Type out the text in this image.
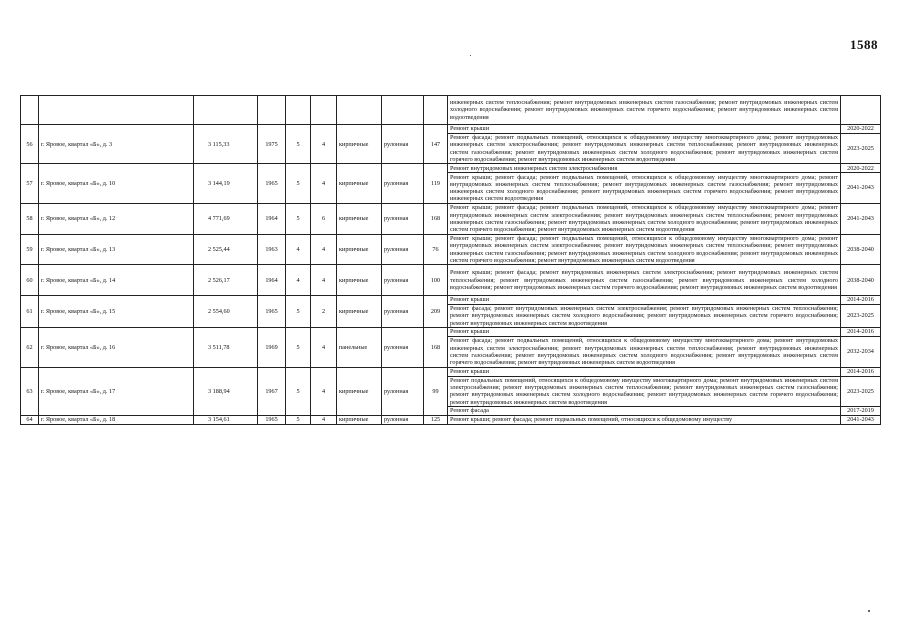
1588
									инженерных систем теплоснабжения; ремонт внутридомовых инженерных систем газоснабжения; ремонт внутридомовых инженерных систем холодного водоснабжения; ремонт внутридомовых инженерных систем горячего водоснабжения; ремонт внутридомовых инженерных систем водоотведения	
56	г. Яровое, квартал «Б», д. 3	3 115,33	1975	5	4	кирпичные	рулонная	147	Ремонт крыши	2020-2022
									Ремонт фасада; ремонт подвальных помещений, относящихся к общедомовому имуществу многоквартирного дома; ремонт внутридомовых инженерных систем электроснабжения; ремонт внутридомовых инженерных систем теплоснабжения; ремонт внутридомовых инженерных систем газоснабжения; ремонт внутридомовых инженерных систем холодного водоснабжения; ремонт внутридомовых инженерных систем горячего водоснабжения; ремонт внутридомовых инженерных систем водоотведения	2023-2025
57	г. Яровое, квартал «Б», д. 10	3 144,19	1965	5	4	кирпичные	рулонная	119	Ремонт внутридомовых инженерных систем электроснабжения	2020-2022
									Ремонт крыши; ремонт фасада; ремонт подвальных помещений, относящихся к общедомовому имуществу многоквартирного дома; ремонт внутридомовых инженерных систем теплоснабжения; ремонт внутридомовых инженерных систем газоснабжения; ремонт внутридомовых инженерных систем холодного водоснабжения; ремонт внутридомовых инженерных систем горячего водоснабжения; ремонт внутридомовых инженерных систем водоотведения	2041-2043
58	г. Яровое, квартал «Б», д. 12	4 771,69	1964	5	6	кирпичные	рулонная	168	Ремонт крыши; ремонт фасада; ремонт подвальных помещений, относящихся к общедомовому имуществу многоквартирного дома; ремонт внутридомовых инженерных систем электроснабжения; ремонт внутридомовых инженерных систем теплоснабжения; ремонт внутридомовых инженерных систем газоснабжения; ремонт внутридомовых инженерных систем холодного водоснабжения; ремонт внутридомовых инженерных систем горячего водоснабжения; ремонт внутридомовых инженерных систем водоотведения	2041-2043
59	г. Яровое, квартал «Б», д. 13	2 525,44	1963	4	4	кирпичные	рулонная	76	Ремонт крыши; ремонт фасада; ремонт подвальных помещений, относящихся к общедомовому имуществу многоквартирного дома; ремонт внутридомовых инженерных систем электроснабжения; ремонт внутридомовых инженерных систем теплоснабжения; ремонт внутридомовых инженерных систем газоснабжения; ремонт внутридомовых инженерных систем холодного водоснабжения; ремонт внутридомовых инженерных систем горячего водоснабжения; ремонт внутридомовых инженерных систем водоотведения	2038-2040
60	г. Яровое, квартал «Б», д. 14	2 526,17	1964	4	4	кирпичные	рулонная	100	Ремонт крыши; ремонт фасада; ремонт внутридомовых инженерных систем электроснабжения; ремонт внутридомовых инженерных систем теплоснабжения; ремонт внутридомовых инженерных систем газоснабжения; ремонт внутридомовых инженерных систем холодного водоснабжения; ремонт внутридомовых инженерных систем горячего водоснабжения; ремонт внутридомовых инженерных систем водоотведения	2038-2040
61	г. Яровое, квартал «Б», д. 15	2 554,60	1965	5	2	кирпичные	рулонная	209	Ремонт крыши	2014-2016
									Ремонт фасада; ремонт внутридомовых инженерных систем электроснабжения; ремонт внутридомовых инженерных систем теплоснабжения; ремонт внутридомовых инженерных систем холодного водоснабжения; ремонт внутридомовых инженерных систем горячего водоснабжения; ремонт внутридомовых инженерных систем водоотведения	2023-2025
62	г. Яровое, квартал «Б», д. 16	3 511,78	1969	5	4	панельные	рулонная	168	Ремонт крыши	2014-2016
									Ремонт фасада; ремонт подвальных помещений, относящихся к общедомовому имуществу многоквартирного дома; ремонт внутридомовых инженерных систем электроснабжения; ремонт внутридомовых инженерных систем теплоснабжения; ремонт внутридомовых инженерных систем газоснабжения; ремонт внутридомовых инженерных систем холодного водоснабжения; ремонт внутридомовых инженерных систем горячего водоснабжения; ремонт внутридомовых инженерных систем водоотведения	2032-2034
63	г. Яровое, квартал «Б», д. 17	3 188,94	1967	5	4	кирпичные	рулонная	99	Ремонт крыши	2014-2016
									Ремонт подвальных помещений, относящихся к общедомовому имуществу многоквартирного дома; ремонт внутридомовых инженерных систем электроснабжения; ремонт внутридомовых инженерных систем теплоснабжения; ремонт внутридомовых инженерных систем газоснабжения; ремонт внутридомовых инженерных систем холодного водоснабжения; ремонт внутридомовых инженерных систем горячего водоснабжения; ремонт внутридомовых инженерных систем водоотведения	2023-2025
									Ремонт фасада	2017-2019
64	г. Яровое, квартал «Б», д. 18	3 154,61	1965	5	4	кирпичные	рулонная	125	Ремонт крыши; ремонт фасада; ремонт подвальных помещений, относящихся к общедомовому имуществу	2041-2043
